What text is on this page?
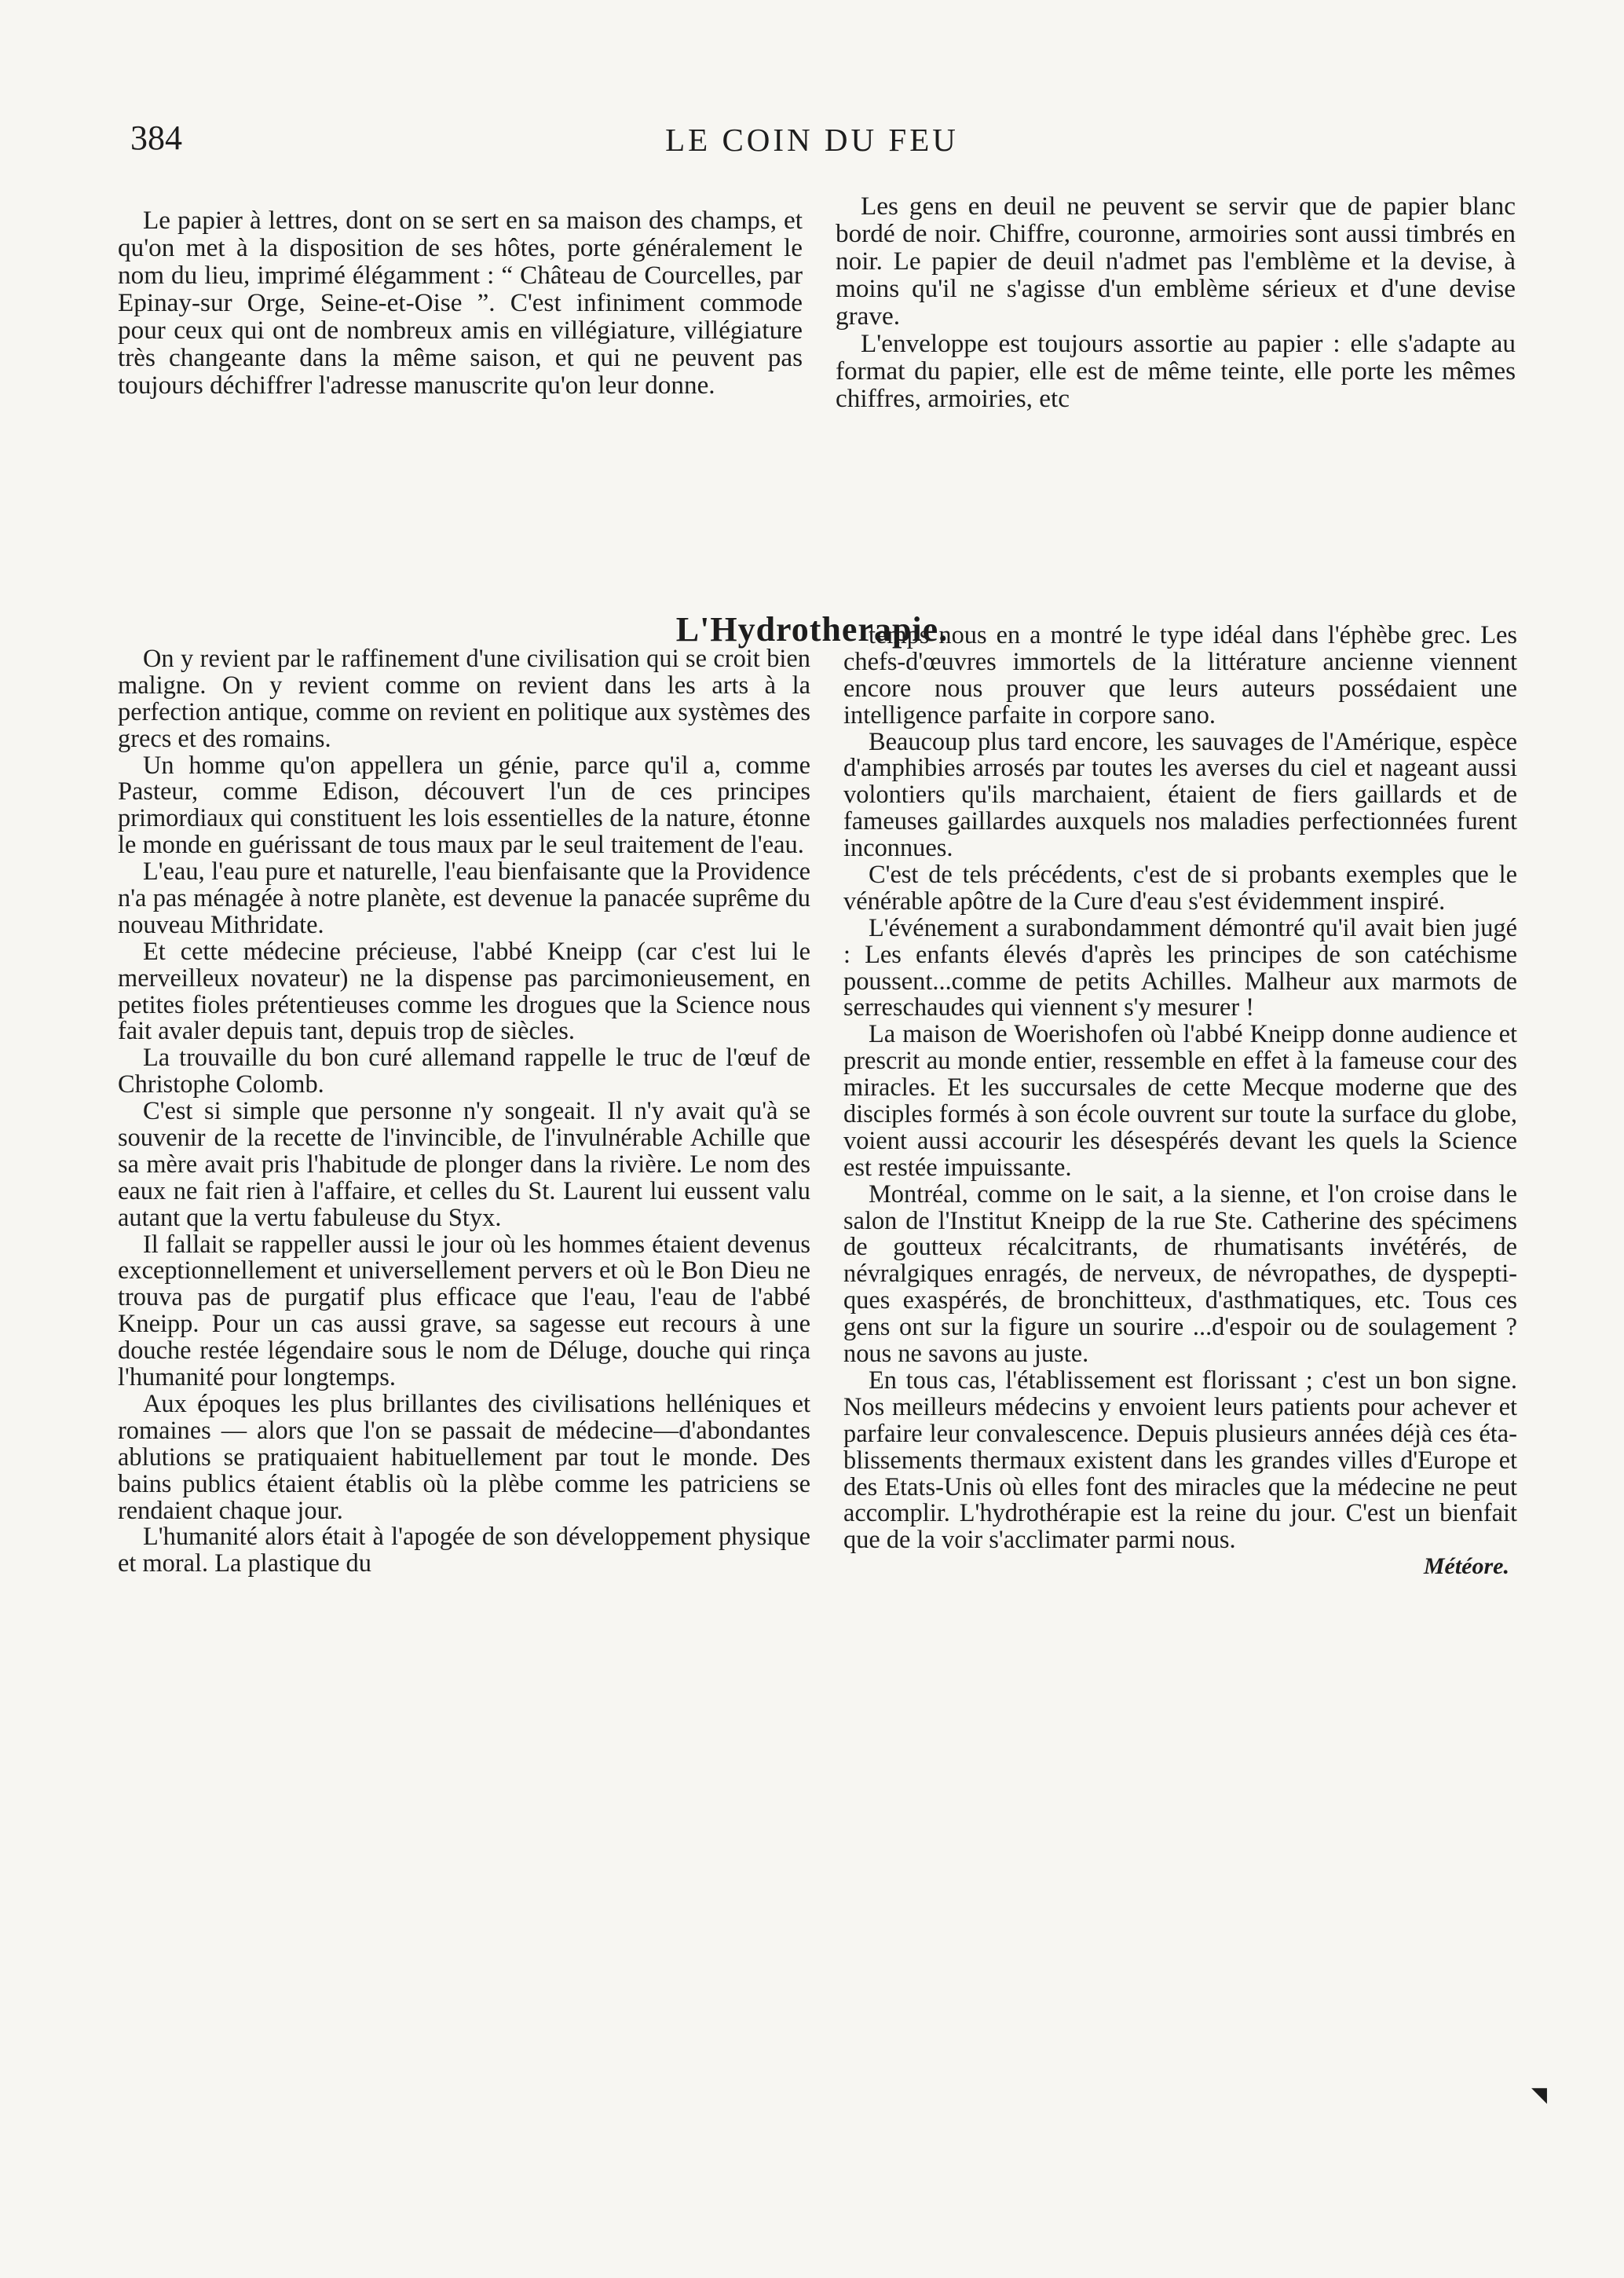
384	LE COIN DU FEU

Le papier à lettres, dont on se sert en sa maison des champs, et qu'on met à la disposition de ses hôtes, porte généralement le nom du lieu, imprimé élégamment : “ Château de Courcelles, par Epinay-sur Orge, Seine-et-Oise ”. C'est infiniment commode pour ceux qui ont de nombreux amis en villégiature, villégiature très changeante dans la même saison, et qui ne peuvent pas toujours déchiffrer l'adresse manuscrite qu'on leur donne.

Les gens en deuil ne peuvent se servir que de papier blanc bordé de noir. Chiffre, couronne, armoiries sont aussi timbrés en noir. Le papier de deuil n'admet pas l'emblème et la devise, à moins qu'il ne s'agisse d'un emblème sérieux et d'une devise grave.

L'enveloppe est toujours assortie au papier : elle s'adapte au format du papier, elle est de même teinte, elle porte les mêmes chiffres, armoiries, etc

L'Hydrotherapie.

On y revient par le raffinement d'une civilisation qui se croit bien maligne. On y revient comme on revient dans les arts à la perfection antique, comme on revient en politique aux systèmes des grecs et des romains.

Un homme qu'on appellera un génie, parce qu'il a, comme Pasteur, comme Edison, découvert l'un de ces principes primordiaux qui constituent les lois essentielles de la nature, étonne le monde en guérissant de tous maux par le seul traitement de l'eau.

L'eau, l'eau pure et naturelle, l'eau bienfaisante que la Providence n'a pas ménagée à notre planète, est devenue la panacée suprême du nouveau Mithridate.

Et cette médecine précieuse, l'abbé Kneipp (car c'est lui le merveilleux novateur) ne la dispense pas parcimonieusement, en petites fioles prétentieuses comme les drogues que la Science nous fait avaler depuis tant, depuis trop de siècles.

La trouvaille du bon curé allemand rappelle le truc de l'œuf de Christophe Colomb.

C'est si simple que personne n'y songeait. Il n'y avait qu'à se souvenir de la recette de l'invincible, de l'invulnérable Achille que sa mère avait pris l'habitude de plonger dans la rivière. Le nom des eaux ne fait rien à l'affaire, et celles du St. Laurent lui eussent valu autant que la vertu fabuleuse du Styx.

Il fallait se rappeller aussi le jour où les hommes étaient devenus exceptionnellement et universellement pervers et où le Bon Dieu ne trouva pas de purgatif plus efficace que l'eau, l'eau de l'abbé Kneipp. Pour un cas aussi grave, sa sagesse eut recours à une douche restée légendaire sous le nom de Déluge, douche qui rinça l'humanité pour longtemps.

Aux époques les plus brillantes des civilisations helléniques et romaines — alors que l'on se passait de médecine—d'abondantes ablutions se pratiquaient habituellement par tout le monde. Des bains publics étaient établis où la plèbe comme les patriciens se rendaient chaque jour.

L'humanité alors était à l'apogée de son développement physique et moral. La plastique du

temps nous en a montré le type idéal dans l'éphèbe grec. Les chefs-d'œuvres immortels de la littérature ancienne viennent encore nous prouver que leurs auteurs possédaient une intelligence parfaite in corpore sano.

Beaucoup plus tard encore, les sauvages de l'Amérique, espèce d'amphibies arrosés par toutes les averses du ciel et nageant aussi volontiers qu'ils marchaient, étaient de fiers gaillards et de fameuses gaillardes auxquels nos maladies perfectionnées furent inconnues.

C'est de tels précédents, c'est de si probants exemples que le vénérable apôtre de la Cure d'eau s'est évidemment inspiré.

L'événement a surabondamment démontré qu'il avait bien jugé : Les enfants élevés d'après les principes de son catéchisme poussent...comme de petits Achilles. Malheur aux marmots de serreschaudes qui viennent s'y mesurer !

La maison de Woerishofen où l'abbé Kneipp donne audience et prescrit au monde entier, ressemble en effet à la fameuse cour des miracles. Et les succursales de cette Mecque moderne que des disciples formés à son école ouvrent sur toute la surface du globe, voient aussi accourir les désespérés devant les quels la Science est restée impuissante.

Montréal, comme on le sait, a la sienne, et l'on croise dans le salon de l'Institut Kneipp de la rue Ste. Catherine des spécimens de goutteux récalcitrants, de rhumatisants invétérés, de névralgiques enragés, de nerveux, de névropathes, de dyspeptiques exaspérés, de bronchitteux, d'asthmatiques, etc. Tous ces gens ont sur la figure un sourire ...d'espoir ou de soulagement ? nous ne savons au juste.

En tous cas, l'établissement est florissant ; c'est un bon signe. Nos meilleurs médecins y envoient leurs patients pour achever et parfaire leur convalescence. Depuis plusieurs années déjà ces établissements thermaux existent dans les grandes villes d'Europe et des Etats-Unis où elles font des miracles que la médecine ne peut accomplir. L'hydrothérapie est la reine du jour. C'est un bienfait que de la voir s'acclimater parmi nous.

Météore.

◥
